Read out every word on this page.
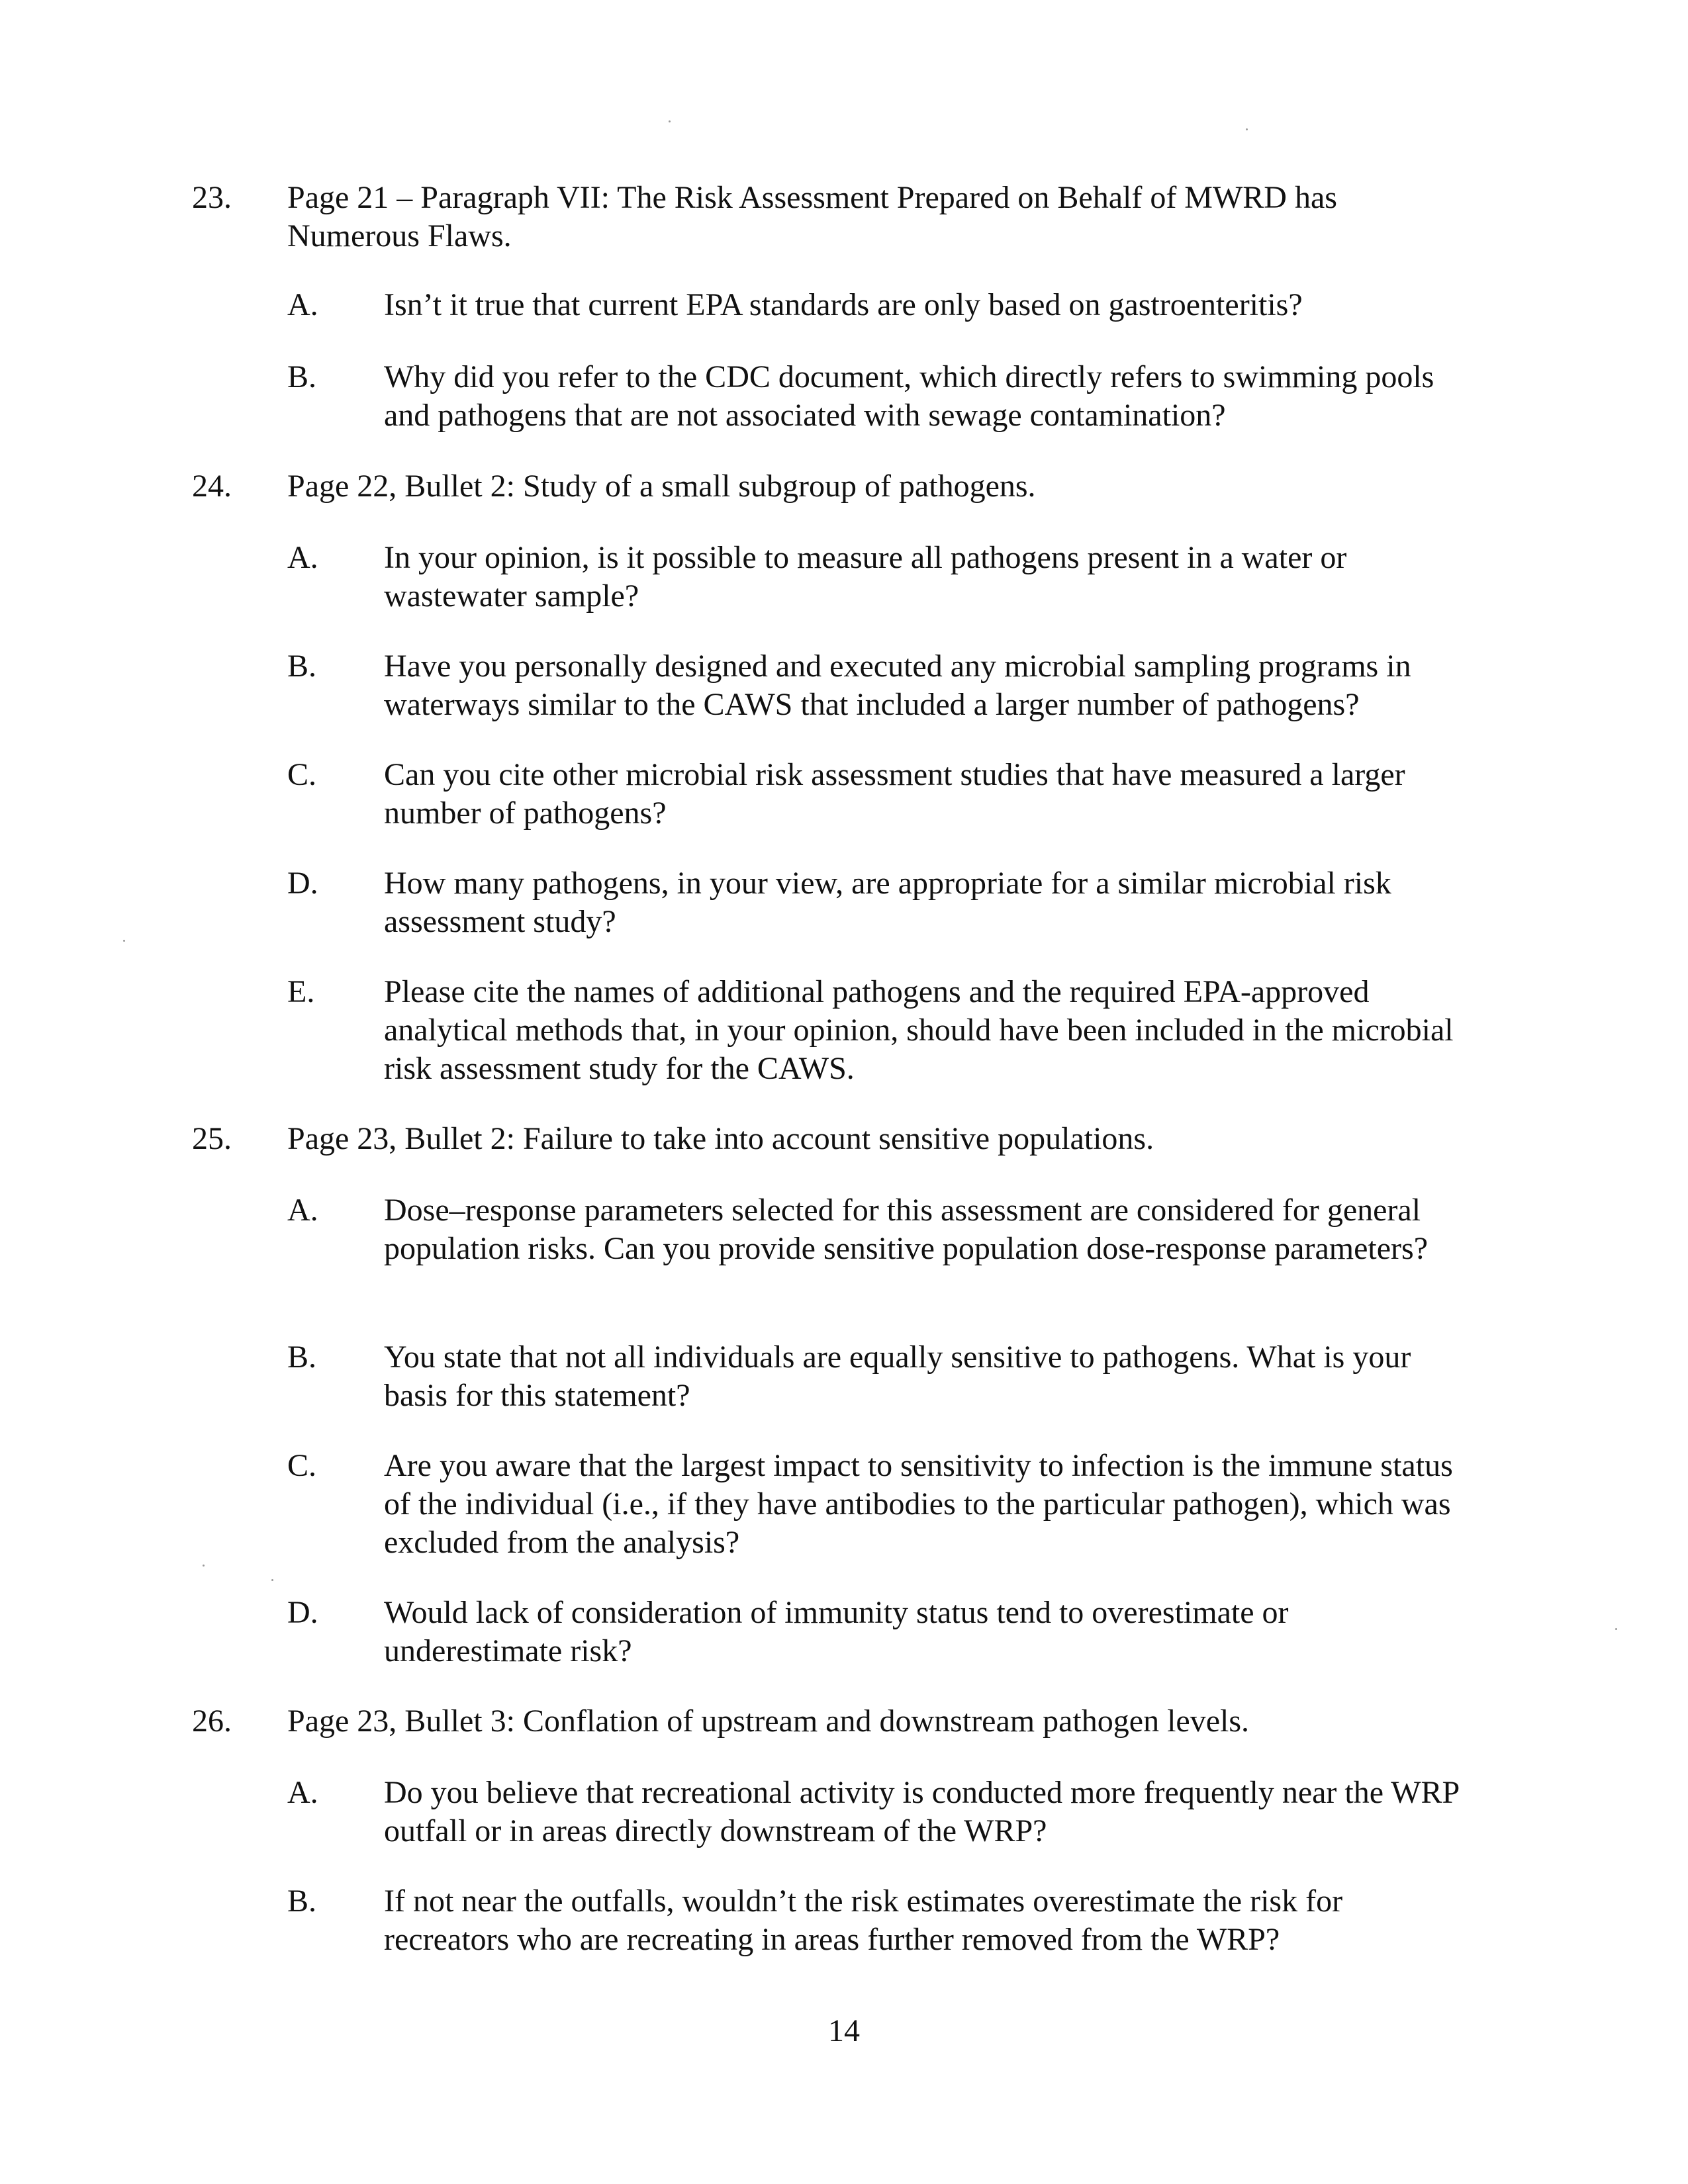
23. Page 21 – Paragraph VII: The Risk Assessment Prepared on Behalf of MWRD has Numerous Flaws.
A. Isn’t it true that current EPA standards are only based on gastroenteritis?
B. Why did you refer to the CDC document, which directly refers to swimming pools and pathogens that are not associated with sewage contamination?
24. Page 22, Bullet 2: Study of a small subgroup of pathogens.
A. In your opinion, is it possible to measure all pathogens present in a water or wastewater sample?
B. Have you personally designed and executed any microbial sampling programs in waterways similar to the CAWS that included a larger number of pathogens?
C. Can you cite other microbial risk assessment studies that have measured a larger number of pathogens?
D. How many pathogens, in your view, are appropriate for a similar microbial risk assessment study?
E. Please cite the names of additional pathogens and the required EPA-approved analytical methods that, in your opinion, should have been included in the microbial risk assessment study for the CAWS.
25. Page 23, Bullet 2: Failure to take into account sensitive populations.
A. Dose–response parameters selected for this assessment are considered for general population risks. Can you provide sensitive population dose-response parameters?
B. You state that not all individuals are equally sensitive to pathogens. What is your basis for this statement?
C. Are you aware that the largest impact to sensitivity to infection is the immune status of the individual (i.e., if they have antibodies to the particular pathogen), which was excluded from the analysis?
D. Would lack of consideration of immunity status tend to overestimate or underestimate risk?
26. Page 23, Bullet 3: Conflation of upstream and downstream pathogen levels.
A. Do you believe that recreational activity is conducted more frequently near the WRP outfall or in areas directly downstream of the WRP?
B. If not near the outfalls, wouldn’t the risk estimates overestimate the risk for recreators who are recreating in areas further removed from the WRP?
14
